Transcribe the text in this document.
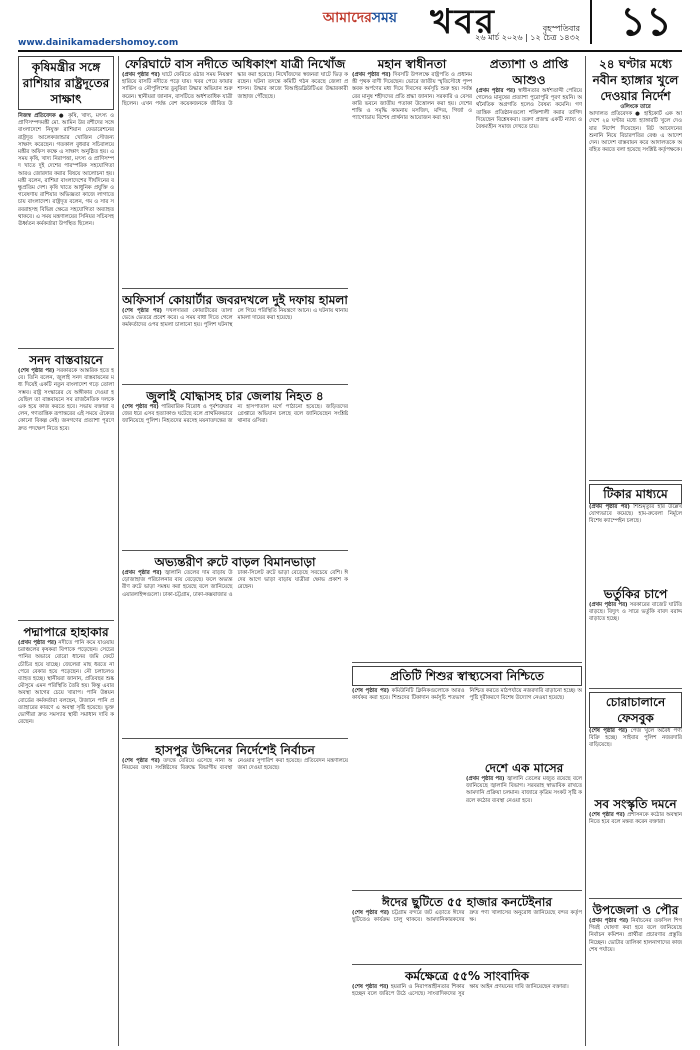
আমাদেরসময়
বৃহস্পতিবার
২৬ মার্চ ২০২৬ | ১২ চৈত্র ১৪৩২
খবর	১১
www.dainikamadershomoy.com
কৃষিমন্ত্রীর সঙ্গে রাশিয়ার রাষ্ট্রদূতের সাক্ষাৎ
নিজস্ব প্রতিবেদক ● কৃষি, খাদ্য, মৎস্য ও প্রাণিসম্পদমন্ত্রী মো. আমিন উর রশীদের সঙ্গে বাংলাদেশে নিযুক্ত রাশিয়ান ফেডারেশনের রাষ্ট্রদূত আলেকজান্ডার খোজিন সৌজন্য সাক্ষাৎ করেছেন। গতকাল বুধবার সচিবালয়ে মন্ত্রীর অফিস কক্ষে এ সাক্ষাৎ অনুষ্ঠিত হয়। এ সময় কৃষি, খাদ্য নিরাপত্তা, মৎস্য ও প্রাণিসম্পদ খাতে দুই দেশের পারস্পরিক সহযোগিতা আরও জোরদার করার বিষয়ে আলোচনা হয়। মন্ত্রী বলেন, রাশিয়া বাংলাদেশের দীর্ঘদিনের বন্ধুপ্রতিম দেশ। কৃষি খাতে আধুনিক প্রযুক্তি ও গবেষণায় রাশিয়ার অভিজ্ঞতা কাজে লাগাতে চায় বাংলাদেশ। রাষ্ট্রদূত বলেন, গম ও সার সরবরাহসহ বিভিন্ন ক্ষেত্রে সহযোগিতা অব্যাহত থাকবে। এ সময় মন্ত্রণালয়ের সিনিয়র সচিবসহ ঊর্ধ্বতন কর্মকর্তারা উপস্থিত ছিলেন।
সনদ বাস্তবায়নে
(শেষ পৃষ্ঠার পর) সরকারকে আন্তরিক হতে হবে। তিনি বলেন, জুলাই সনদ বাস্তবায়নের মধ্য দিয়েই একটি নতুন বাংলাদেশ গড়ে তোলা সম্ভব। রাষ্ট্র সংস্কারের যে অঙ্গীকার দেওয়া হয়েছিল তা বাস্তবায়নে সব রাজনৈতিক দলকে এক হয়ে কাজ করতে হবে। সভায় বক্তারা বলেন, গণতান্ত্রিক রূপান্তরের এই সময়ে ঐক্যের কোনো বিকল্প নেই। জনগণের প্রত্যাশা পূরণে দ্রুত পদক্ষেপ নিতে হবে।
পদ্মাপারে হাহাকার
(প্রথম পৃষ্ঠার পর) নদীতে পানি কমে যাওয়ায় চরাঞ্চলের কৃষকরা বিপাকে পড়েছেন। সেচের পানির অভাবে বোরো ধানের জমি ফেটে চৌচির হয়ে যাচ্ছে। জেলেরা মাছ ধরতে না পেরে বেকার হয়ে পড়েছেন। নৌ চলাচলও ব্যাহত হচ্ছে। স্থানীয়রা জানান, প্রতিবছর শুষ্ক মৌসুমে এমন পরিস্থিতি তৈরি হয়। কিন্তু এবার অবস্থা আগের চেয়ে খারাপ। পানি উন্নয়ন বোর্ডের কর্মকর্তারা বলছেন, উজানে পানি প্রত্যাহারের কারণে এ অবস্থা সৃষ্টি হয়েছে। ভুক্তভোগীরা দ্রুত সমস্যার স্থায়ী সমাধান দাবি করেছেন।
ফেরিঘাটে বাস নদীতে অধিকাংশ যাত্রী নিখোঁজ
(প্রথম পৃষ্ঠার পর) ঘাটে ফেরিতে ওঠার সময় নিয়ন্ত্রণ হারিয়ে বাসটি নদীতে পড়ে যায়। খবর পেয়ে ফায়ার সার্ভিস ও নৌপুলিশের ডুবুরিরা উদ্ধার অভিযান শুরু করেন। স্থানীয়রা জানান, বাসটিতে অর্ধশতাধিক যাত্রী ছিলেন। এখন পর্যন্ত বেশ কয়েকজনকে জীবিত উদ্ধার করা হয়েছে। নিখোঁজদের স্বজনরা ঘাটে ভিড় করছেন। ঘটনা তদন্তে কমিটি গঠন করেছে জেলা প্রশাসন। উদ্ধার কাজে বিআইডব্লিউটিএর উদ্ধারকারী জাহাজ পৌঁছেছে।
অফিসার্স কোয়ার্টার জবরদখলে দুই দফায় হামলা
(শেষ পৃষ্ঠার পর) দখলদাররা কোয়ার্টারের তালা ভেঙে ভেতরে প্রবেশ করে। এ সময় বাধা দিতে গেলে কর্মকর্তাদের ওপর হামলা চালানো হয়। পুলিশ ঘটনাস্থলে গিয়ে পরিস্থিতি নিয়ন্ত্রণে আনে। এ ঘটনায় থানায় মামলা দায়ের করা হয়েছে।
জুলাই যোদ্ধাসহ চার জেলায় নিহত ৪
(শেষ পৃষ্ঠার পর) পারিবারিক বিরোধ ও পূর্বশত্রুতার জের ধরে এসব হত্যাকাণ্ড ঘটেছে বলে প্রাথমিকভাবে জানিয়েছে পুলিশ। নিহতদের মরদেহ ময়নাতদন্তের জন্য হাসপাতাল মর্গে পাঠানো হয়েছে। জড়িতদের গ্রেপ্তারে অভিযান চলছে বলে জানিয়েছেন সংশ্লিষ্ট থানার ওসিরা।
অভ্যন্তরীণ রুটে বাড়ল বিমানভাড়া
(প্রথম পৃষ্ঠার পর) জ্বালানি তেলের দাম বাড়ায় উড়োজাহাজ পরিচালনার ব্যয় বেড়েছে। ফলে অভ্যন্তরীণ রুটে ভাড়া সমন্বয় করা হয়েছে বলে জানিয়েছে এয়ারলাইন্সগুলো। ঢাকা-চট্টগ্রাম, ঢাকা-কক্সবাজার ও ঢাকা-সিলেট রুটে ভাড়া বেড়েছে সবচেয়ে বেশি। ঈদের আগে ভাড়া বাড়ায় যাত্রীরা ক্ষোভ প্রকাশ করেছেন।
মহান স্বাধীনতা
(প্রথম পৃষ্ঠার পর) দিবসটি উপলক্ষে রাষ্ট্রপতি ও প্রধানমন্ত্রী পৃথক বাণী দিয়েছেন। ভোরে জাতীয় স্মৃতিসৌধে পুষ্পস্তবক অর্পণের মধ্য দিয়ে দিবসের কর্মসূচি শুরু হয়। সর্বস্তরের মানুষ শহীদদের প্রতি শ্রদ্ধা জানান। সরকারি ও বেসরকারি ভবনে জাতীয় পতাকা উত্তোলন করা হয়। দেশের শান্তি ও সমৃদ্ধি কামনায় মসজিদ, মন্দির, গির্জা ও প্যাগোডায় বিশেষ প্রার্থনার আয়োজন করা হয়।
প্রত্যাশা ও প্রাপ্তি আশুও
(প্রথম পৃষ্ঠার পর) স্বাধীনতার অর্ধশতাব্দী পেরিয়ে গেলেও মানুষের প্রত্যাশা পুরোপুরি পূরণ হয়নি। অর্থনৈতিক অগ্রগতি হলেও বৈষম্য কমেনি। গণতান্ত্রিক প্রতিষ্ঠানগুলো শক্তিশালী করার তাগিদ দিয়েছেন বিশ্লেষকরা। তরুণ প্রজন্ম একটি ন্যায্য ও বৈষম্যহীন সমাজ দেখতে চায়।
প্রতিটি শিশুর স্বাস্থ্যসেবা নিশ্চিতে
(শেষ পৃষ্ঠার পর) কমিউনিটি ক্লিনিকগুলোকে আরও কার্যকর করা হবে। শিশুদের টিকাদান কর্মসূচি শতভাগ নিশ্চিত করতে মাঠপর্যায়ে নজরদারি বাড়ানো হচ্ছে। অপুষ্টি দূরীকরণে বিশেষ উদ্যোগ নেওয়া হয়েছে।
দেশে এক মাসের
(প্রথম পৃষ্ঠার পর) জ্বালানি তেলের মজুত রয়েছে বলে জানিয়েছে জ্বালানি বিভাগ। সরবরাহ স্বাভাবিক রাখতে আমদানি প্রক্রিয়া চলমান। বাজারে কৃত্রিম সংকট সৃষ্টি করলে কঠোর ব্যবস্থা নেওয়া হবে।
ঈদের ছুটিতে ৫৫ হাজার কনটেইনার
(শেষ পৃষ্ঠার পর) চট্টগ্রাম বন্দরে জট এড়াতে ঈদের ছুটিতেও কার্যক্রম চালু থাকবে। আমদানিকারকদের দ্রুত পণ্য খালাসের অনুরোধ জানিয়েছে বন্দর কর্তৃপক্ষ।
কর্মক্ষেত্রে ৫৫% সাংবাদিক
(শেষ পৃষ্ঠার পর) হয়রানি ও নিরাপত্তাহীনতার শিকার হচ্ছেন বলে জরিপে উঠে এসেছে। সাংবাদিকদের সুরক্ষায় আইন প্রণয়নের দাবি জানিয়েছেন বক্তারা।
হাসপুর উদ্দিনের নির্দেশেই নির্বাচন
(শেষ পৃষ্ঠার পর) তদন্তে বেরিয়ে এসেছে নানা অনিয়মের তথ্য। সংশ্লিষ্টদের বিরুদ্ধে বিভাগীয় ব্যবস্থা নেওয়ার সুপারিশ করা হয়েছে। প্রতিবেদন মন্ত্রণালয়ে জমা দেওয়া হয়েছে।
২৪ ঘণ্টার মধ্যে নবীন হ্যাঙ্গার খুলে দেওয়ার নির্দেশ
ওলিংকে তারে
আদালত প্রতিবেদক ● হাইকোর্ট এক আদেশে ২৪ ঘণ্টার মধ্যে হ্যাঙ্গারটি খুলে দেওয়ার নির্দেশ দিয়েছেন। রিট আবেদনের শুনানি নিয়ে বিচারপতির বেঞ্চ এ আদেশ দেন। আদেশ বাস্তবায়ন করে আদালতকে অবহিত করতে বলা হয়েছে সংশ্লিষ্ট কর্তৃপক্ষকে।
টিকার মাধ্যমে
(প্রথম পৃষ্ঠার পর) শিশুমৃত্যুর হার উল্লেখযোগ্যভাবে কমেছে। হাম-রুবেলা নির্মূলে বিশেষ ক্যাম্পেইন চলছে।
ভর্তুকির চাপে
(প্রথম পৃষ্ঠার পর) সরকারের বাজেট ঘাটতি বাড়ছে। বিদ্যুৎ ও সারে ভর্তুকি বাবদ বরাদ্দ বাড়াতে হচ্ছে।
চোরাচালানে ফেসবুক
(শেষ পৃষ্ঠার পর) পেজ খুলে অবৈধ পণ্য বিক্রি হচ্ছে। সাইবার পুলিশ নজরদারি বাড়িয়েছে।
সব সংস্কৃতি দমনে
(শেষ পৃষ্ঠার পর) প্রশাসনকে কঠোর অবস্থান নিতে হবে বলে মন্তব্য করেন বক্তারা।
উপজেলা ও পৌর
(প্রথম পৃষ্ঠার পর) নির্বাচনের তফসিল শিগগিরই ঘোষণা করা হবে বলে জানিয়েছে নির্বাচন কমিশন। প্রার্থীরা প্রচারণার প্রস্তুতি নিচ্ছেন। ভোটার তালিকা হালনাগাদের কাজ শেষ পর্যায়ে।
